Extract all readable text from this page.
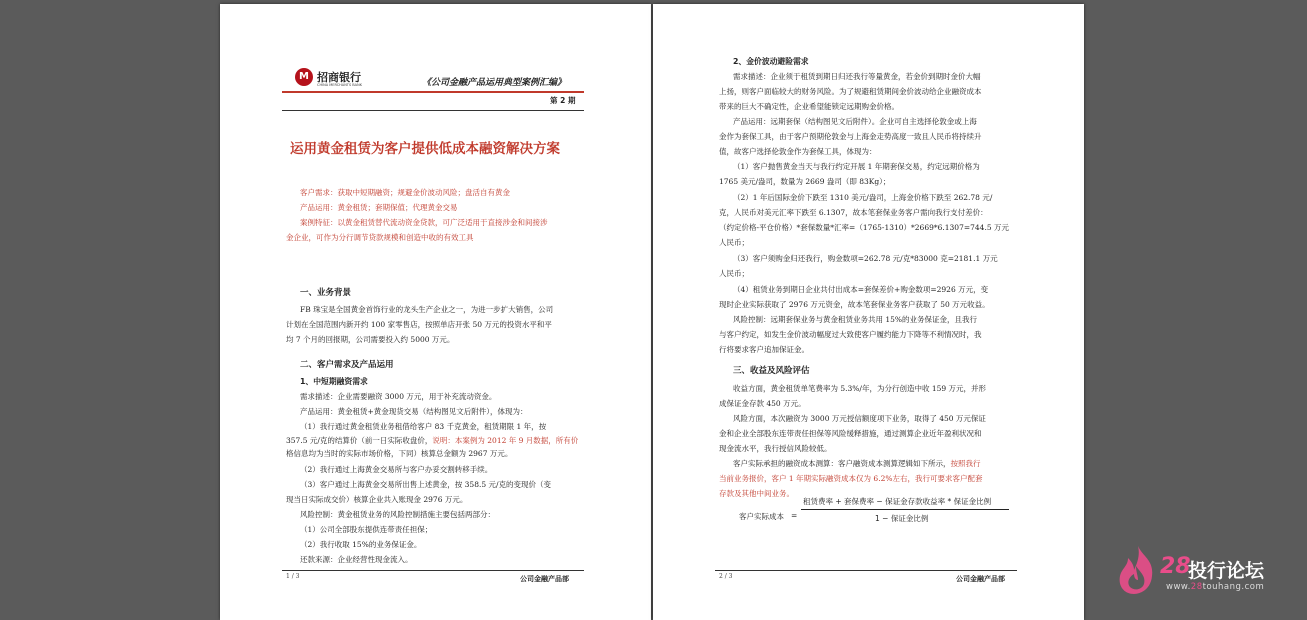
M 招商银行
CHINA MERCHANTS BANK	《公司金融产品运用典型案例汇编》
第 2 期
运用黄金租赁为客户提供低成本融资解决方案
客户需求：获取中短期融资；规避金价波动风险；盘活自有黄金
产品运用：黄金租赁；套期保值；代理黄金交易
案例特征：以黄金租赁替代流动资金贷款，可广泛适用于直接涉金和间接涉
金企业，可作为分行调节贷款规模和创造中收的有效工具
一、业务背景
FB 珠宝是全国黄金首饰行业的龙头生产企业之一，为进一步扩大销售，公司
计划在全国范围内新开约 100 家零售店，按照单店开张 50 万元的投资水平和平
均 7 个月的回报期，公司需要投入约 5000 万元。
二、客户需求及产品运用
1、中短期融资需求
需求描述：企业需要融资 3000 万元，用于补充流动资金。
产品运用：黄金租赁+黄金现货交易（结构图见文后附件），体现为：
（1）我行通过黄金租赁业务租借给客户 83 千克黄金，租赁期限 1 年，按
357.5 元/克的结算价（前一日实际收盘价，说明：本案例为 2012 年 9 月数据，所有价
格信息均为当时的实际市场价格，下同）核算总金额为 2967 万元。
（2）我行通过上海黄金交易所与客户办妥交割转移手续。
（3）客户通过上海黄金交易所出售上述黄金，按 358.5 元/克的变现价（变
现当日实际成交价）核算企业共入账现金 2976 万元。
风险控制：黄金租赁业务的风险控制措施主要包括两部分：
（1）公司全部股东提供连带责任担保；
（2）我行收取 15%的业务保证金。
还款来源：企业经营性现金流入。
1 / 3	公司金融产品部
2、金价波动避险需求
需求描述：企业须于租赁到期日归还我行等量黄金，若金价到期时金价大幅
上扬，则客户面临较大的财务风险。为了规避租赁期间金价波动给企业融资成本
带来的巨大不确定性，企业希望能锁定远期购金价格。
产品运用：远期套保（结构图见文后附件）。企业可自主选择伦敦金或上海
金作为套保工具，由于客户预期伦敦金与上海金走势高度一致且人民币将持续升
值，故客户选择伦敦金作为套保工具，体现为：
（1）客户抛售黄金当天与我行约定开展 1 年期套保交易，约定远期价格为
1765 美元/盎司，数量为 2669 盎司（即 83Kg）；
（2）1 年后国际金价下跌至 1310 美元/盎司，上海金价格下跌至 262.78 元/
克，人民币对美元汇率下跌至 6.1307，故本笔套保业务客户需向我行支付差价：
（约定价格-平仓价格）*套保数量*汇率=（1765-1310）*2669*6.1307=744.5 万元
人民币；
（3）客户须购金归还我行，购金数项=262.78 元/克*83000 克=2181.1 万元
人民币；
（4）租赁业务到期日企业共付出成本=套保差价+购金数项=2926 万元，变
现时企业实际获取了 2976 万元资金，故本笔套保业务客户获取了 50 万元收益。
风险控制：远期套保业务与黄金租赁业务共用 15%的业务保证金，且我行
与客户约定，如发生金价波动幅度过大致使客户履约能力下降等不利情况时，我
行将要求客户追加保证金。
三、收益及风险评估
收益方面，黄金租赁单笔费率为 5.3%/年，为分行创造中收 159 万元，并形
成保证金存款 450 万元。
风险方面，本次融资为 3000 万元授信额度项下业务，取得了 450 万元保证
金和企业全部股东连带责任担保等风险缓释措施，通过测算企业近年盈利状况和
现金流水平，我行授信风险较低。
客户实际承担的融资成本测算：客户融资成本测算逻辑如下所示，按照我行
当前业务报价，客户 1 年期实际融资成本仅为 6.2%左右，我行可要求客户配套
存款及其他中间业务。
客户实际成本 =
租赁费率 + 套保费率 − 保证金存款收益率 * 保证金比例
1 − 保证金比例
2 / 3	公司金融产品部	28
投行论坛
www.28touhang.com
